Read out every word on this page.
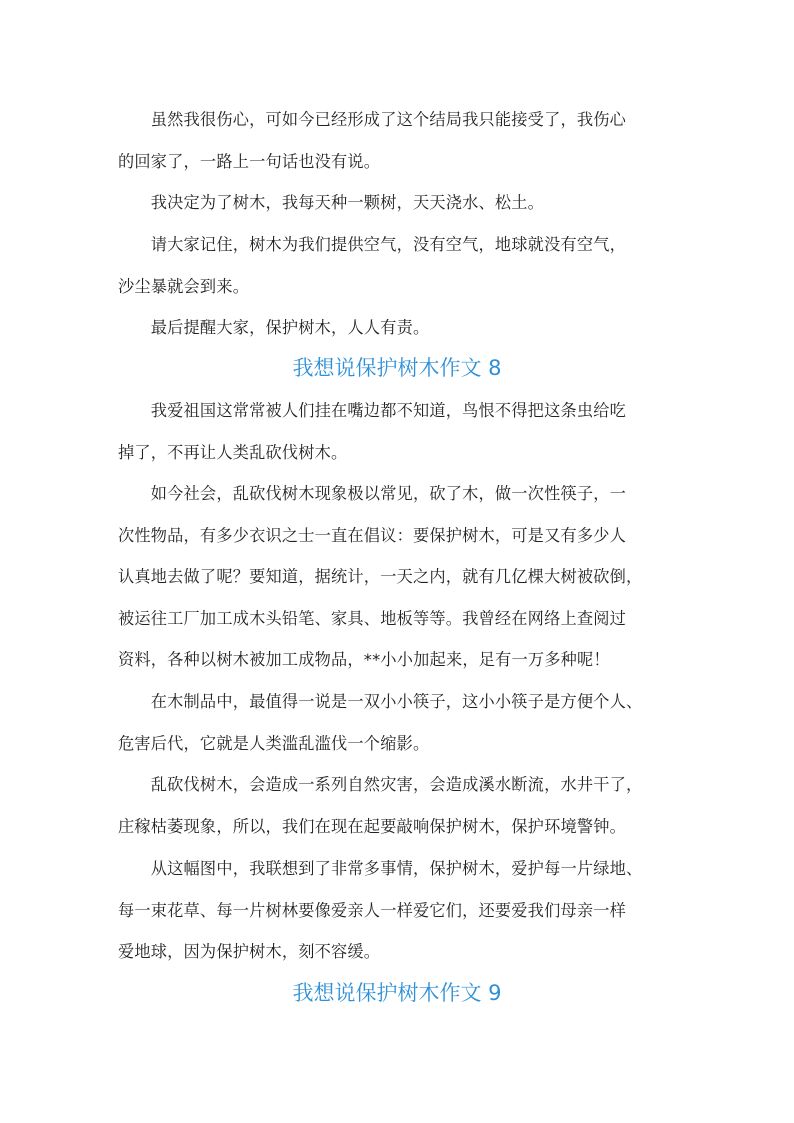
　　虽然我很伤心，可如今已经形成了这个结局我只能接受了，我伤心
的回家了，一路上一句话也没有说。
　　我决定为了树木，我每天种一颗树，天天浇水、松土。
　　请大家记住，树木为我们提供空气，没有空气，地球就没有空气，
沙尘暴就会到来。
　　最后提醒大家，保护树木，人人有责。
我想说保护树木作文 8
　　我爱祖国这常常被人们挂在嘴边都不知道，鸟恨不得把这条虫给吃
掉了，不再让人类乱砍伐树木。
　　如今社会，乱砍伐树木现象极以常见，砍了木，做一次性筷子，一
次性物品，有多少衣识之士一直在倡议：要保护树木，可是又有多少人
认真地去做了呢？要知道，据统计，一天之内，就有几亿棵大树被砍倒，
被运往工厂加工成木头铅笔、家具、地板等等。我曾经在网络上查阅过
资料，各种以树木被加工成物品，**小小加起来，足有一万多种呢！
　　在木制品中，最值得一说是一双小小筷子，这小小筷子是方便个人、
危害后代，它就是人类滥乱滥伐一个缩影。
　　乱砍伐树木，会造成一系列自然灾害，会造成溪水断流，水井干了，
庄稼枯萎现象，所以，我们在现在起要敲响保护树木，保护环境警钟。
　　从这幅图中，我联想到了非常多事情，保护树木，爱护每一片绿地、
每一束花草、每一片树林要像爱亲人一样爱它们，还要爱我们母亲一样
爱地球，因为保护树木，刻不容缓。
我想说保护树木作文 9
